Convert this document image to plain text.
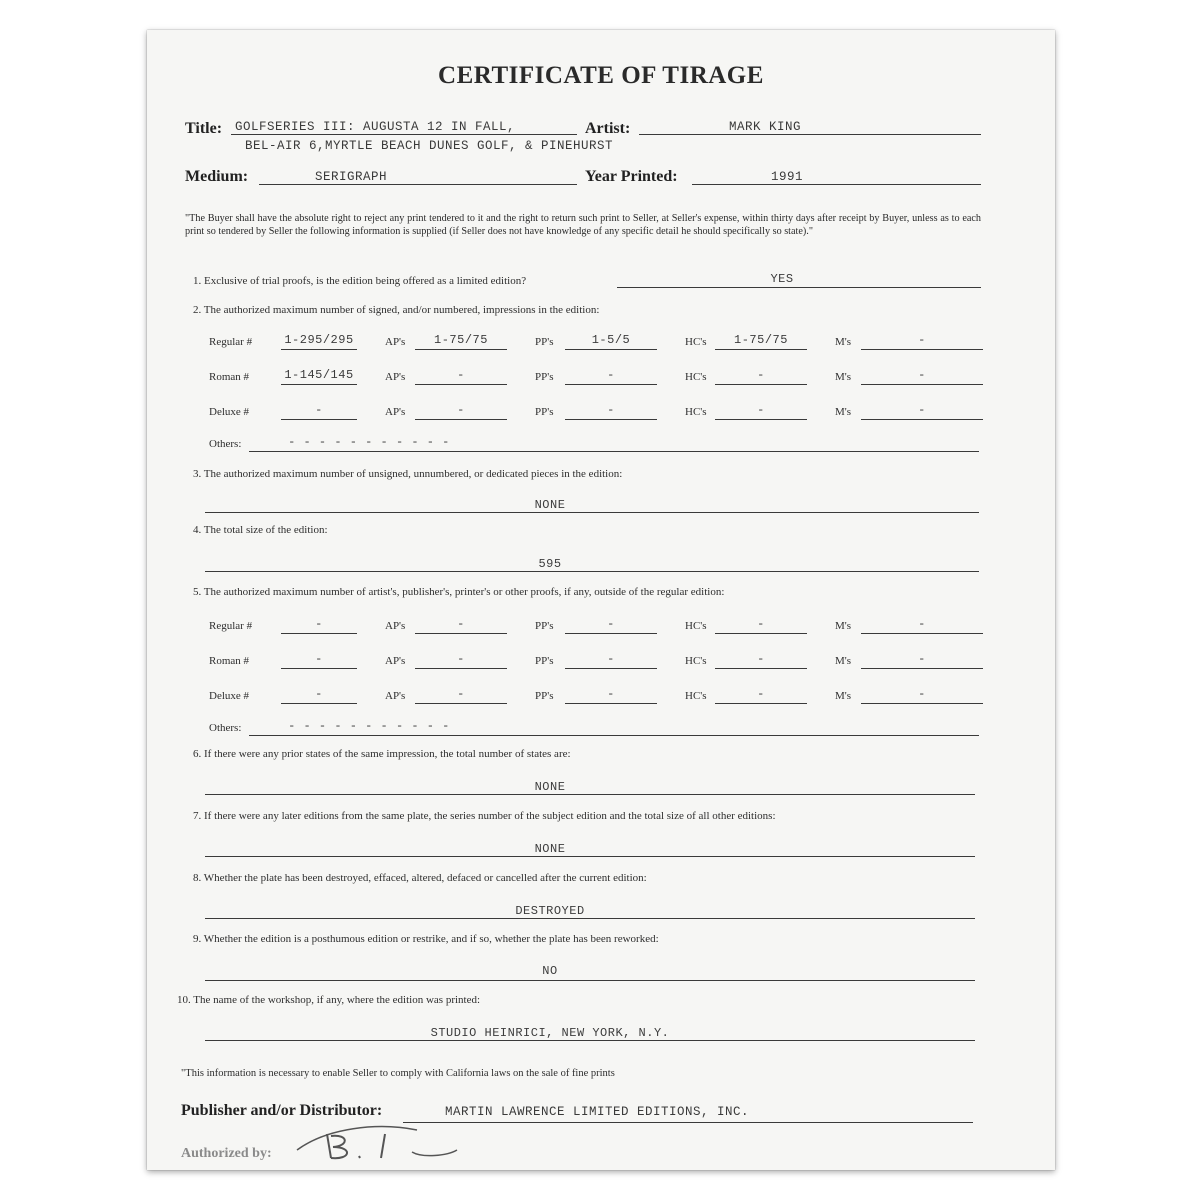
CERTIFICATE OF TIRAGE
Title: GOLFSERIES III: AUGUSTA 12 IN FALL,	Artist:	MARK KING
BEL-AIR 6,MYRTLE BEACH DUNES GOLF, & PINEHURST
Medium:	SERIGRAPH	Year Printed:	1991
"The Buyer shall have the absolute right to reject any print tendered to it and the right to return such print to Seller, at Seller's expense, within thirty days after receipt by Buyer, unless as to each print so tendered by Seller the following information is supplied (if Seller does not have knowledge of any specific detail he should specifically so state)."
1. Exclusive of trial proofs, is the edition being offered as a limited edition?	YES
2. The authorized maximum number of signed, and/or numbered, impressions in the edition:
3. The authorized maximum number of unsigned, unnumbered, or dedicated pieces in the edition:
NONE
4. The total size of the edition:
595
5. The authorized maximum number of artist's, publisher's, printer's or other proofs, if any, outside of the regular edition:
6. If there were any prior states of the same impression, the total number of states are:
NONE
7. If there were any later editions from the same plate, the series number of the subject edition and the total size of all other editions:
NONE
8. Whether the plate has been destroyed, effaced, altered, defaced or cancelled after the current edition:
DESTROYED
9. Whether the edition is a posthumous edition or restrike, and if so, whether the plate has been reworked:
NO
10. The name of the workshop, if any, where the edition was printed:
STUDIO HEINRICI, NEW YORK, N.Y.
"This information is necessary to enable Seller to comply with California laws on the sale of fine prints
Publisher and/or Distributor:	MARTIN LAWRENCE LIMITED EDITIONS, INC.
Authorized by:
Regular #	1-295/295	AP's	1-75/75	PP's	1-5/5	HC's	1-75/75	M's	-
Roman #	1-145/145	AP's	-	PP's	-	HC's	-	M's	-
Deluxe #	-	AP's	-	PP's	-	HC's	-	M's	-
Others:	- - - - - - - - - - -
Regular #	-	AP's	-	PP's	-	HC's	-	M's	-
Roman #	-	AP's	-	PP's	-	HC's	-	M's	-
Deluxe #	-	AP's	-	PP's	-	HC's	-	M's	-
Others:	- - - - - - - - - - -
